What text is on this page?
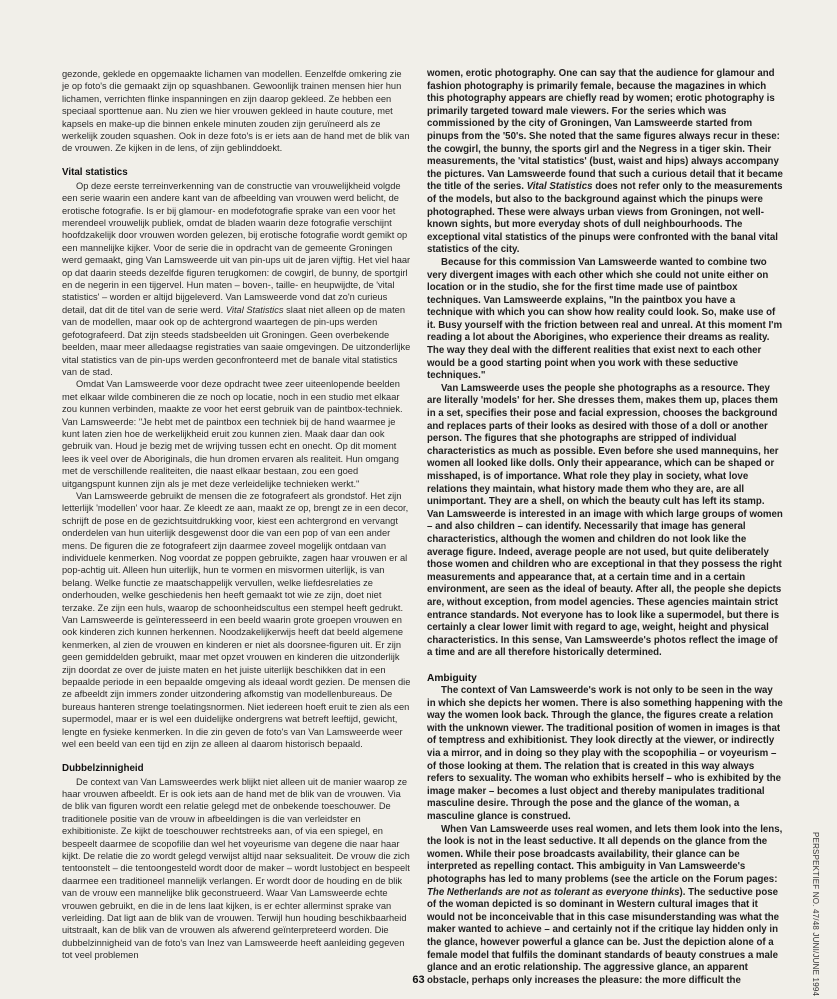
gezonde, geklede en opgemaakte lichamen van modellen. Eenzelfde omkering zie je op foto's die gemaakt zijn op squashbanen. Gewoonlijk trainen mensen hier hun lichamen, verrichten flinke inspanningen en zijn daarop gekleed. Ze hebben een speciaal sporttenue aan. Nu zien we hier vrouwen gekleed in haute couture, met kapsels en make-up die binnen enkele minuten zouden zijn geruïneerd als ze werkelijk zouden squashen. Ook in deze foto's is er iets aan de hand met de blik van de vrouwen. Ze kijken in de lens, of zijn geblinddoekt.

Vital statistics

Op deze eerste terreinverkenning van de constructie van vrouwelijkheid volgde een serie waarin een andere kant van de afbeelding van vrouwen werd belicht, de erotische fotografie. Is er bij glamour- en modefotografie sprake van een voor het merendeel vrouwelijk publiek, omdat de bladen waarin deze fotografie verschijnt hoofdzakelijk door vrouwen worden gelezen, bij erotische fotografie wordt gemikt op een mannelijke kijker. Voor de serie die in opdracht van de gemeente Groningen werd gemaakt, ging Van Lamsweerde uit van pin-ups uit de jaren vijftig. Het viel haar op dat daarin steeds dezelfde figuren terugkomen: de cowgirl, de bunny, de sportgirl en de negerin in een tijgervel. Hun maten – boven-, taille- en heupwijdte, de 'vital statistics' – worden er altijd bijgeleverd. Van Lamsweerde vond dat zo'n curieus detail, dat dit de titel van de serie werd. Vital Statistics slaat niet alleen op de maten van de modellen, maar ook op de achtergrond waartegen de pin-ups werden gefotografeerd. Dat zijn steeds stadsbeelden uit Groningen. Geen overbekende beelden, maar meer alledaagse registraties van saaie omgevingen. De uitzonderlijke vital statistics van de pin-ups werden geconfronteerd met de banale vital statistics van de stad.

Omdat Van Lamsweerde voor deze opdracht twee zeer uiteenlopende beelden met elkaar wilde combineren die ze noch op locatie, noch in een studio met elkaar zou kunnen verbinden, maakte ze voor het eerst gebruik van de paintbox-techniek. Van Lamsweerde: "Je hebt met de paintbox een techniek bij de hand waarmee je kunt laten zien hoe de werkelijkheid eruit zou kunnen zien. Maak daar dan ook gebruik van. Houd je bezig met de wrijving tussen echt en onecht. Op dit moment lees ik veel over de Aboriginals, die hun dromen ervaren als realiteit. Hun omgang met de verschillende realiteiten, die naast elkaar bestaan, zou een goed uitgangspunt kunnen zijn als je met deze verleidelijke technieken werkt."

Van Lamsweerde gebruikt de mensen die ze fotografeert als grondstof. Het zijn letterlijk 'modellen' voor haar. Ze kleedt ze aan, maakt ze op, brengt ze in een decor, schrijft de pose en de gezichtsuitdrukking voor, kiest een achtergrond en vervangt onderdelen van hun uiterlijk desgewenst door die van een pop of van een ander mens. De figuren die ze fotografeert zijn daarmee zoveel mogelijk ontdaan van individuele kenmerken. Nog voordat ze poppen gebruikte, zagen haar vrouwen er al pop-achtig uit. Alleen hun uiterlijk, hun te vormen en misvormen uiterlijk, is van belang. Welke functie ze maatschappelijk vervullen, welke liefdesrelaties ze onderhouden, welke geschiedenis hen heeft gemaakt tot wie ze zijn, doet niet terzake. Ze zijn een huls, waarop de schoonheidscultus een stempel heeft gedrukt. Van Lamsweerde is geïnteresseerd in een beeld waarin grote groepen vrouwen en ook kinderen zich kunnen herkennen. Noodzakelijkerwijs heeft dat beeld algemene kenmerken, al zien de vrouwen en kinderen er niet als doorsnee-figuren uit. Er zijn geen gemiddelden gebruikt, maar met opzet vrouwen en kinderen die uitzonderlijk zijn doordat ze over de juiste maten en het juiste uiterlijk beschikken dat in een bepaalde periode in een bepaalde omgeving als ideaal wordt gezien. De mensen die ze afbeeldt zijn immers zonder uitzondering afkomstig van modellenbureaus. De bureaus hanteren strenge toelatingsnormen. Niet iedereen hoeft eruit te zien als een supermodel, maar er is wel een duidelijke ondergrens wat betreft leeftijd, gewicht, lengte en fysieke kenmerken. In die zin geven de foto's van Van Lamsweerde weer wel een beeld van een tijd en zijn ze alleen al daarom historisch bepaald.

Dubbelzinnigheid

De context van Van Lamsweerdes werk blijkt niet alleen uit de manier waarop ze haar vrouwen afbeeldt. Er is ook iets aan de hand met de blik van de vrouwen. Via de blik van figuren wordt een relatie gelegd met de onbekende toeschouwer. De traditionele positie van de vrouw in afbeeldingen is die van verleidster en exhibitioniste. Ze kijkt de toeschouwer rechtstreeks aan, of via een spiegel, en bespeelt daarmee de scopofilie dan wel het voyeurisme van degene die naar haar kijkt. De relatie die zo wordt gelegd verwijst altijd naar seksualiteit. De vrouw die zich tentoonstelt – die tentoongesteld wordt door de maker – wordt lustobject en bespeelt daarmee een traditioneel mannelijk verlangen. Er wordt door de houding en de blik van de vrouw een mannelijke blik geconstrueerd. Waar Van Lamsweerde echte vrouwen gebruikt, en die in de lens laat kijken, is er echter allerminst sprake van verleiding. Dat ligt aan de blik van de vrouwen. Terwijl hun houding beschikbaarheid uitstraalt, kan de blik van de vrouwen als afwerend geïnterpreteerd worden. Die dubbelzinnigheid van de foto's van Inez van Lamsweerde heeft aanleiding gegeven tot veel problemen

women, erotic photography. One can say that the audience for glamour and fashion photography is primarily female, because the magazines in which this photography appears are chiefly read by women; erotic photography is primarily targeted toward male viewers. For the series which was commissioned by the city of Groningen, Van Lamsweerde started from pinups from the '50's. She noted that the same figures always recur in these: the cowgirl, the bunny, the sports girl and the Negress in a tiger skin. Their measurements, the 'vital statistics' (bust, waist and hips) always accompany the pictures. Van Lamsweerde found that such a curious detail that it became the title of the series. Vital Statistics does not refer only to the measurements of the models, but also to the background against which the pinups were photographed. These were always urban views from Groningen, not well-known sights, but more everyday shots of dull neighbourhoods. The exceptional vital statistics of the pinups were confronted with the banal vital statistics of the city.

Because for this commission Van Lamsweerde wanted to combine two very divergent images with each other which she could not unite either on location or in the studio, she for the first time made use of paintbox techniques. Van Lamsweerde explains, "In the paintbox you have a technique with which you can show how reality could look. So, make use of it. Busy yourself with the friction between real and unreal. At this moment I'm reading a lot about the Aborigines, who experience their dreams as reality. The way they deal with the different realities that exist next to each other would be a good starting point when you work with these seductive techniques."

Van Lamsweerde uses the people she photographs as a resource. They are literally 'models' for her. She dresses them, makes them up, places them in a set, specifies their pose and facial expression, chooses the background and replaces parts of their looks as desired with those of a doll or another person. The figures that she photographs are stripped of individual characteristics as much as possible. Even before she used mannequins, her women all looked like dolls. Only their appearance, which can be shaped or misshaped, is of importance. What role they play in society, what love relations they maintain, what history made them who they are, are all unimportant. They are a shell, on which the beauty cult has left its stamp. Van Lamsweerde is interested in an image with which large groups of women – and also children – can identify. Necessarily that image has general characteristics, although the women and children do not look like the average figure. Indeed, average people are not used, but quite deliberately those women and children who are exceptional in that they possess the right measurements and appearance that, at a certain time and in a certain environment, are seen as the ideal of beauty. After all, the people she depicts are, without exception, from model agencies. These agencies maintain strict entrance standards. Not everyone has to look like a supermodel, but there is certainly a clear lower limit with regard to age, weight, height and physical characteristics. In this sense, Van Lamsweerde's photos reflect the image of a time and are all therefore historically determined.

Ambiguity

The context of Van Lamsweerde's work is not only to be seen in the way in which she depicts her women. There is also something happening with the way the women look back. Through the glance, the figures create a relation with the unknown viewer. The traditional position of women in images is that of temptress and exhibitionist. They look directly at the viewer, or indirectly via a mirror, and in doing so they play with the scopophilia – or voyeurism – of those looking at them. The relation that is created in this way always refers to sexuality. The woman who exhibits herself – who is exhibited by the image maker – becomes a lust object and thereby manipulates traditional masculine desire. Through the pose and the glance of the woman, a masculine glance is construed.

When Van Lamsweerde uses real women, and lets them look into the lens, the look is not in the least seductive. It all depends on the glance from the women. While their pose broadcasts availability, their glance can be interpreted as repelling contact. This ambiguity in Van Lamsweerde's photographs has led to many problems (see the article on the Forum pages: The Netherlands are not as tolerant as everyone thinks). The seductive pose of the woman depicted is so dominant in Western cultural images that it would not be inconceivable that in this case misunderstanding was what the maker wanted to achieve – and certainly not if the critique lay hidden only in the glance, however powerful a glance can be. Just the depiction alone of a female model that fulfils the dominant standards of beauty construes a male glance and an erotic relationship. The aggressive glance, an apparent obstacle, perhaps only increases the pleasure: the more difficult the	PERSPEKTIEF NO. 47/48 JUNI/JUNE 1994
63
